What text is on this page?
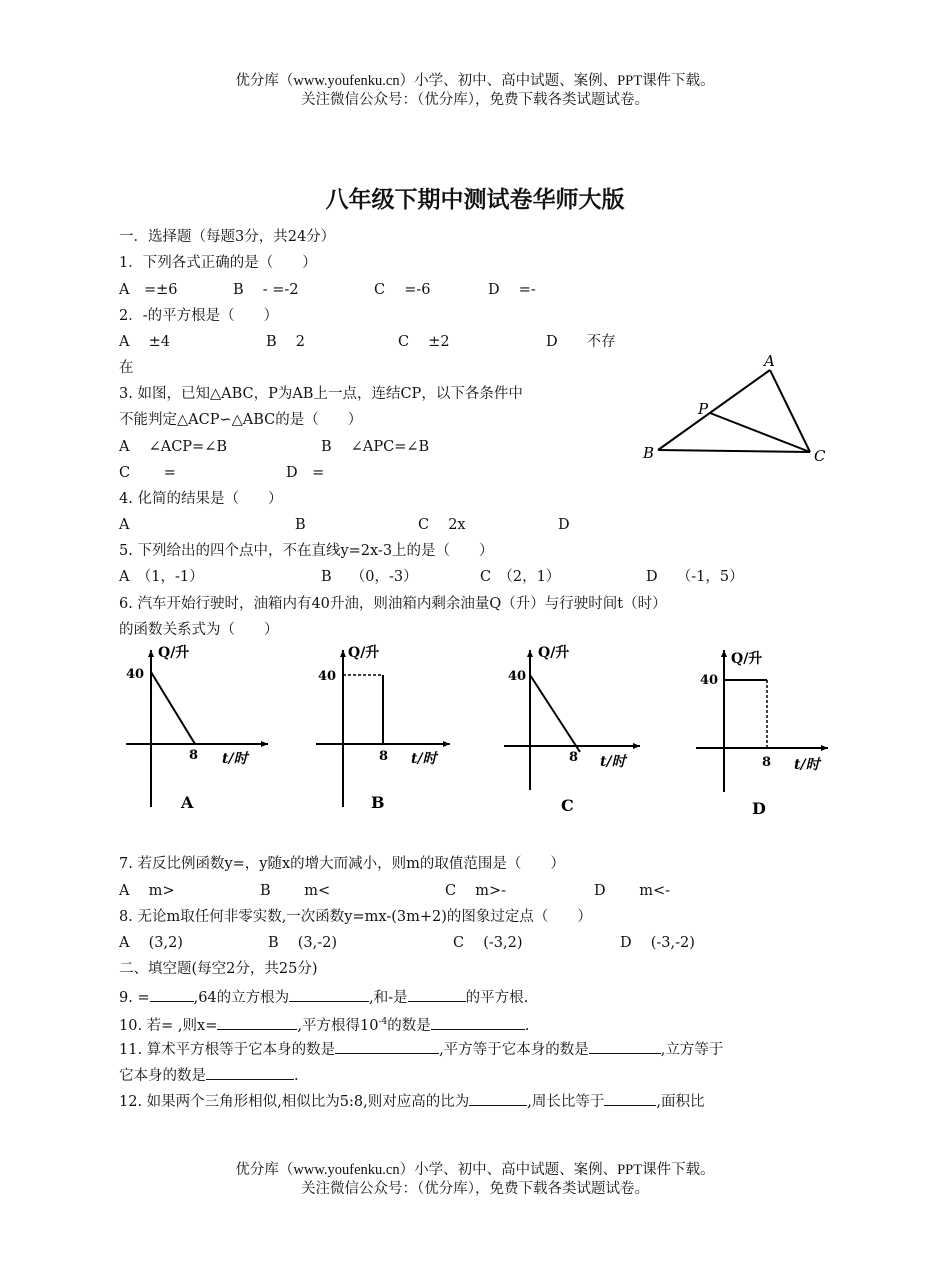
优分库（www.youfenku.cn）小学、初中、高中试题、案例、PPT课件下载。
关注微信公众号：（优分库），免费下载各类试题试卷。
八年级下期中测试卷华师大版
一．选择题（每题3分，共24分）
1．下列各式正确的是（　　）
A　=±6	B　 - =-2	C　 =-6	D　 =-
2．-的平方根是（　　）
A　 ±4	B　 2	C　 ±2	D　　不存
在
3. 如图，已知△ABC，P为AB上一点，连结CP，以下各条件中
不能判定△ACP∽△ABC的是（　　）
A　 ∠ACP=∠B	B　 ∠APC=∠B
C　　 =	D　=
A
P
B	C
4. 化简的结果是（　　）
A	B	C　 2x	D
5. 下列给出的四个点中，不在直线y=2x-3上的是（　　）
A　（1，-1）	B　 （0，-3）	C　（2，1）	D　 （-1，5）
6. 汽车开始行驶时，油箱内有40升油，则油箱内剩余油量Q（升）与行驶时间t（时）
的函数关系式为（　　）
Q/升
40
8 t/时
A
Q/升
40
8 t/时
B
Q/升
40
8 t/时
C
Q/升
40
8 t/时
D
7. 若反比例函数y=，y随x的增大而减小，则m的取值范围是（　　）
A　 m>	B　　 m<	C　 m>-	D　　 m<-
8. 无论m取任何非零实数,一次函数y=mx-(3m+2)的图象过定点（　　）
A　 (3,2)	B　 (3,-2)	C　 (-3,2)	D　 (-3,-2)
二、填空题(每空2分，共25分)
9. =	,64的立方根为	,和-是	的平方根.
10. 若= ,则x=	,平方根得$10^{-4}$的数是	.
11. 算术平方根等于它本身的数是	,平方等于它本身的数是	,立方等于
它本身的数是	.
12. 如果两个三角形相似,相似比为5:8,则对应高的比为	,周长比等于	,面积比
优分库（www.youfenku.cn）小学、初中、高中试题、案例、PPT课件下载。
关注微信公众号：（优分库），免费下载各类试题试卷。
